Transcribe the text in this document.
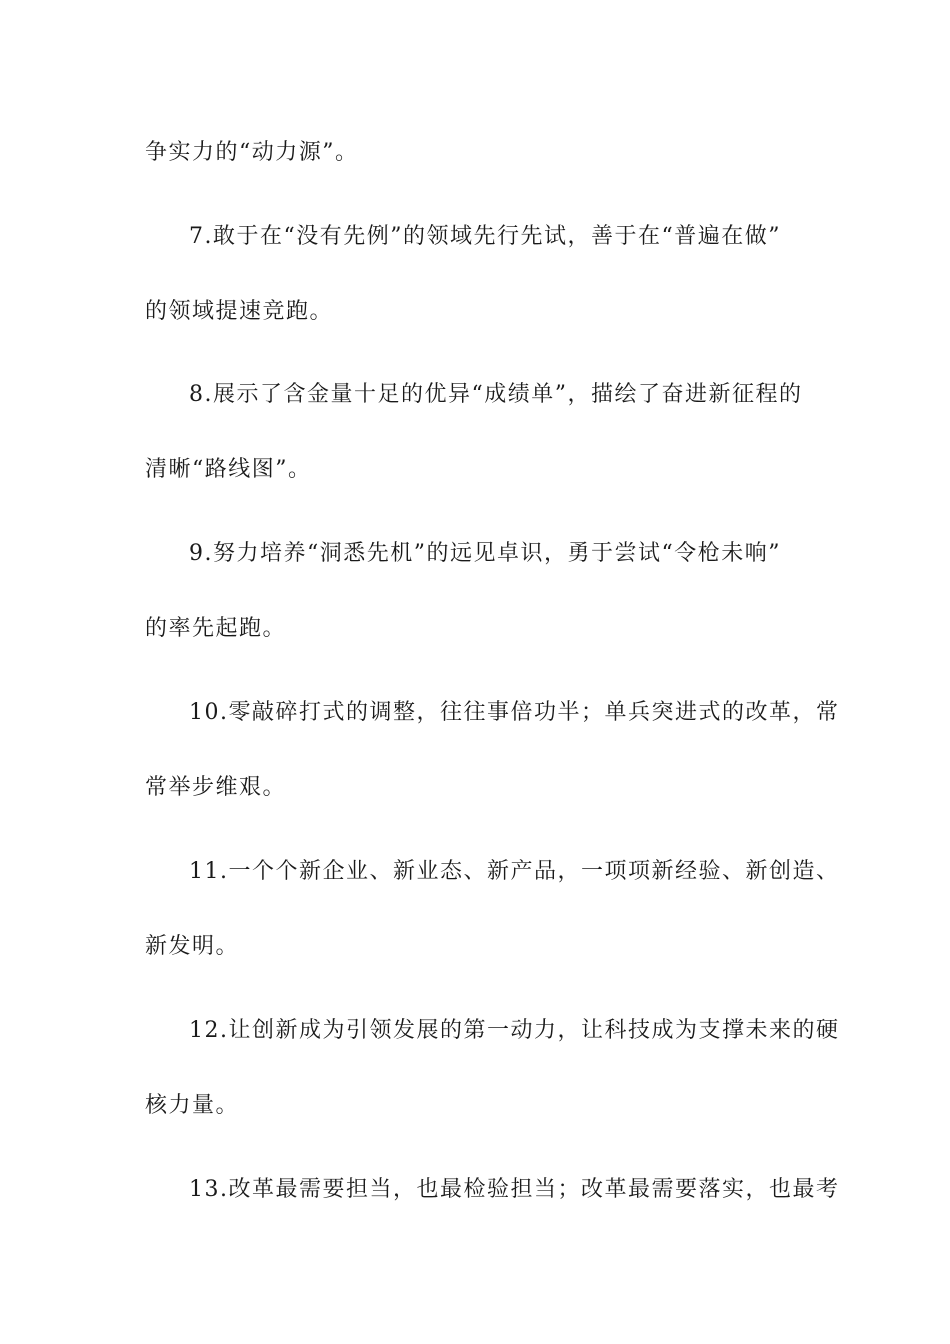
争实力的“动力源”。
7.敢于在“没有先例”的领域先行先试，善于在“普遍在做”
的领域提速竞跑。
8.展示了含金量十足的优异“成绩单”，描绘了奋进新征程的
清晰“路线图”。
9.努力培养“洞悉先机”的远见卓识，勇于尝试“令枪未响”
的率先起跑。
10.零敲碎打式的调整，往往事倍功半；单兵突进式的改革，常
常举步维艰。
11.一个个新企业、新业态、新产品，一项项新经验、新创造、
新发明。
12.让创新成为引领发展的第一动力，让科技成为支撑未来的硬
核力量。
13.改革最需要担当，也最检验担当；改革最需要落实，也最考
